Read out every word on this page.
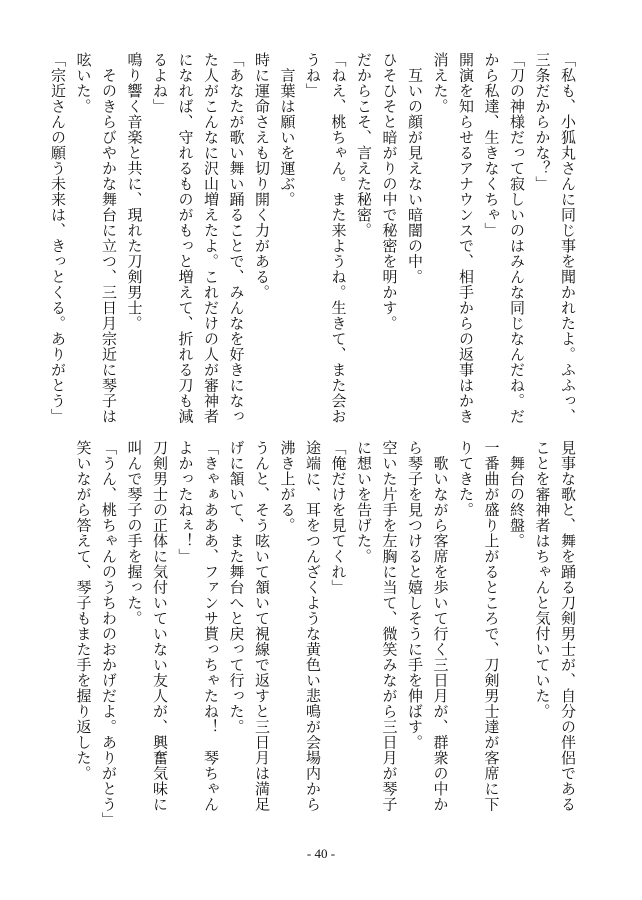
「私も、小狐丸さんに同じ事を聞かれたよ。ふふっ、

三条だからかな？」

「刀の神様だって寂しいのはみんな同じなんだね。だ

から私達、生きなくちゃ」

開演を知らせるアナウンスで、相手からの返事はかき

消えた。

　互いの顔が見えない暗闇の中。

ひそひそと暗がりの中で秘密を明かす。

だからこそ、言えた秘密。

「ねえ、桃ちゃん。また来ようね。生きて、また会お

うね」

　言葉は願いを運ぶ。

時に運命さえも切り開く力がある。

「あなたが歌い舞い踊ることで、みんなを好きになっ

た人がこんなに沢山増えたよ。これだけの人が審神者

になれば、守れるものがもっと増えて、折れる刀も減

るよね」

鳴り響く音楽と共に、現れた刀剣男士。

　そのきらびやかな舞台に立つ、三日月宗近に琴子は

呟いた。

「宗近さんの願う未来は、きっとくる。ありがとう」

見事な歌と、舞を踊る刀剣男士が、自分の伴侶である

ことを審神者はちゃんと気付いていた。

　舞台の終盤。

一番曲が盛り上がるところで、刀剣男士達が客席に下

りてきた。

　歌いながら客席を歩いて行く三日月が、群衆の中か

ら琴子を見つけると嬉しそうに手を伸ばす。

空いた片手を左胸に当て、微笑みながら三日月が琴子

に想いを告げた。

「俺だけを見てくれ」

途端に、耳をつんざくような黄色い悲鳴が会場内から

沸き上がる。

うんと、そう呟いて頷いて視線で返すと三日月は満足

げに頷いて、また舞台へと戻って行った。

「きゃぁあああ、ファンサ貰っちゃたね！　琴ちゃん

よかったねぇ！」

刀剣男士の正体に気付いていない友人が、興奮気味に

叫んで琴子の手を握った。

「うん、桃ちゃんのうちわのおかげだよ。ありがとう」

笑いながら答えて、琴子もまた手を握り返した。

- 40 -
